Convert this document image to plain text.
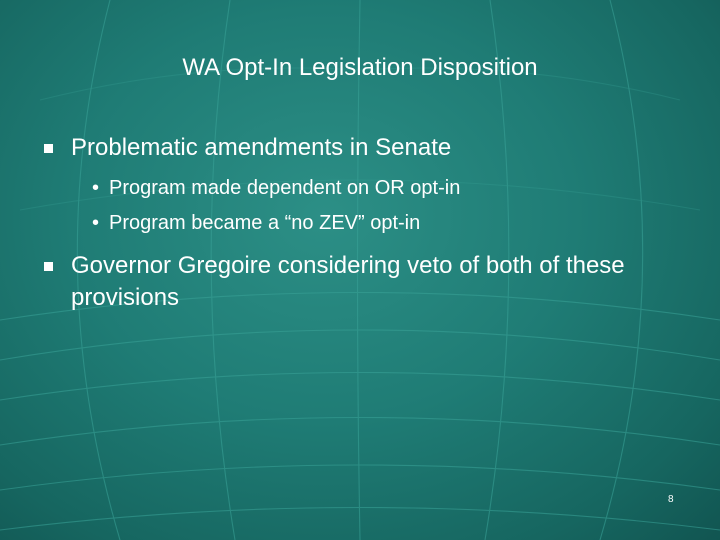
WA Opt-In Legislation Disposition
Problematic amendments in Senate
• Program made dependent on OR opt-in
• Program became a “no ZEV” opt-in
Governor Gregoire considering veto of both of these provisions
8
